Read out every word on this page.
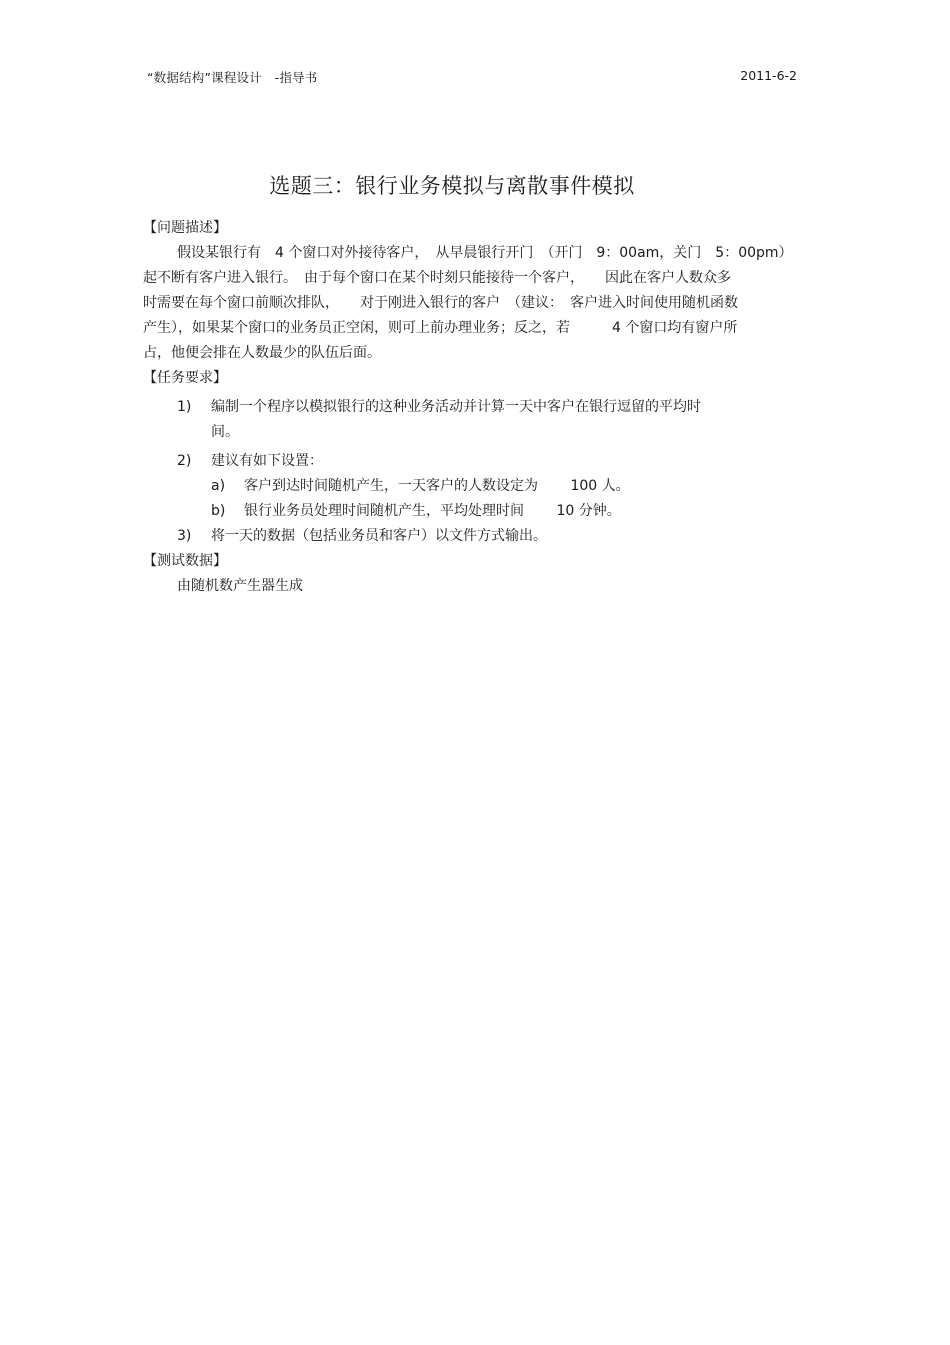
“数据结构”课程设计　-指导书	2011-6-2
选题三：银行业务模拟与离散事件模拟
【问题描述】
假设某银行有　4 个窗口对外接待客户，　从早晨银行开门　（开门　9：00am，关门　5：00pm）
起不断有客户进入银行。　由于每个窗口在某个时刻只能接待一个客户，　　因此在客户人数众多
时需要在每个窗口前顺次排队，　　对于刚进入银行的客户　（建议：　客户进入时间使用随机函数
产生），如果某个窗口的业务员正空闲，则可上前办理业务；反之，若　　　4 个窗口均有窗户所
占，他便会排在人数最少的队伍后面。
【任务要求】
1) 编制一个程序以模拟银行的这种业务活动并计算一天中客户在银行逗留的平均时
间。
2) 建议有如下设置：
a) 客户到达时间随机产生，一天客户的人数设定为　　 100 人。
b) 银行业务员处理时间随机产生，平均处理时间　　 10 分钟。
3) 将一天的数据（包括业务员和客户）以文件方式输出。
【测试数据】
由随机数产生器生成
